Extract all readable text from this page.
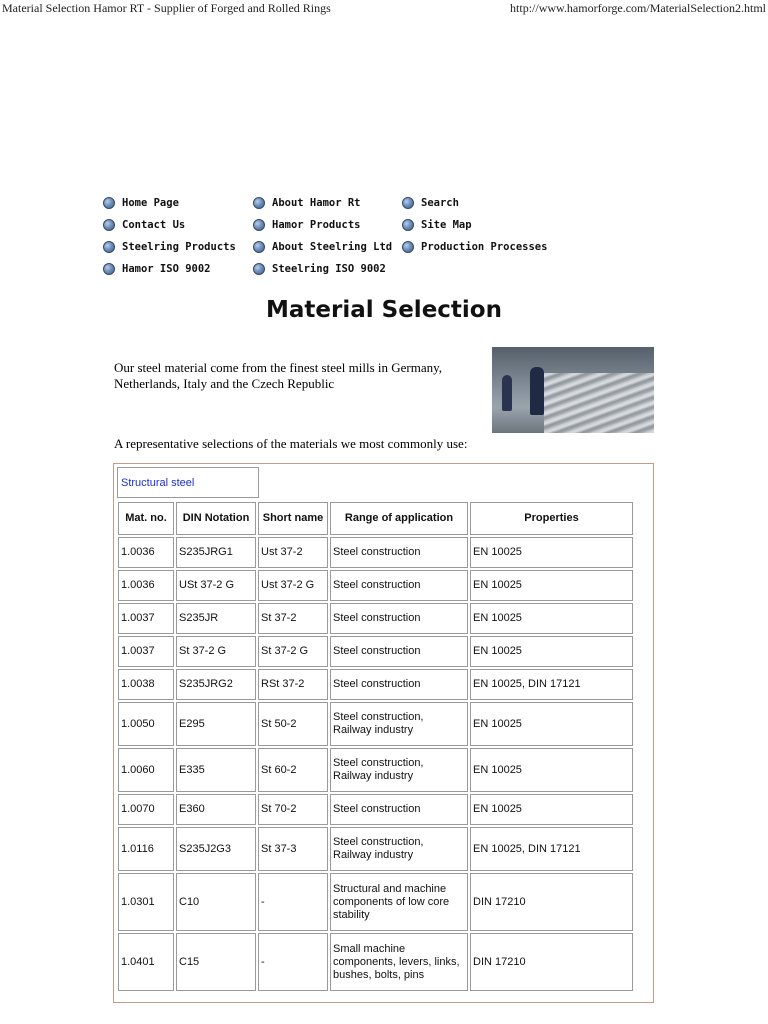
Material Selection Hamor RT - Supplier of Forged and Rolled Rings	http://www.hamorforge.com/MaterialSelection2.html
Home Page
Contact Us
Steelring Products
Hamor ISO 9002
About Hamor Rt
Hamor Products
About Steelring Ltd
Steelring ISO 9002
Search
Site Map
Production Processes
Material Selection
Our steel material come from the finest steel mills in Germany, Netherlands, Italy and the Czech Republic
A representative selections of the materials we most commonly use:
Structural steel
Mat. no.	DIN Notation	Short name	Range of application	Properties
1.0036	S235JRG1	Ust 37-2	Steel construction	EN 10025
1.0036	USt 37-2 G	Ust 37-2 G	Steel construction	EN 10025
1.0037	S235JR	St 37-2	Steel construction	EN 10025
1.0037	St 37-2 G	St 37-2 G	Steel construction	EN 10025
1.0038	S235JRG2	RSt 37-2	Steel construction	EN 10025, DIN 17121
1.0050	E295	St 50-2	Steel construction, Railway industry	EN 10025
1.0060	E335	St 60-2	Steel construction, Railway industry	EN 10025
1.0070	E360	St 70-2	Steel construction	EN 10025
1.0116	S235J2G3	St 37-3	Steel construction, Railway industry	EN 10025, DIN 17121
1.0301	C10	-	Structural and machine components of low core stability	DIN 17210
1.0401	C15	-	Small machine components, levers, links, bushes, bolts, pins	DIN 17210
